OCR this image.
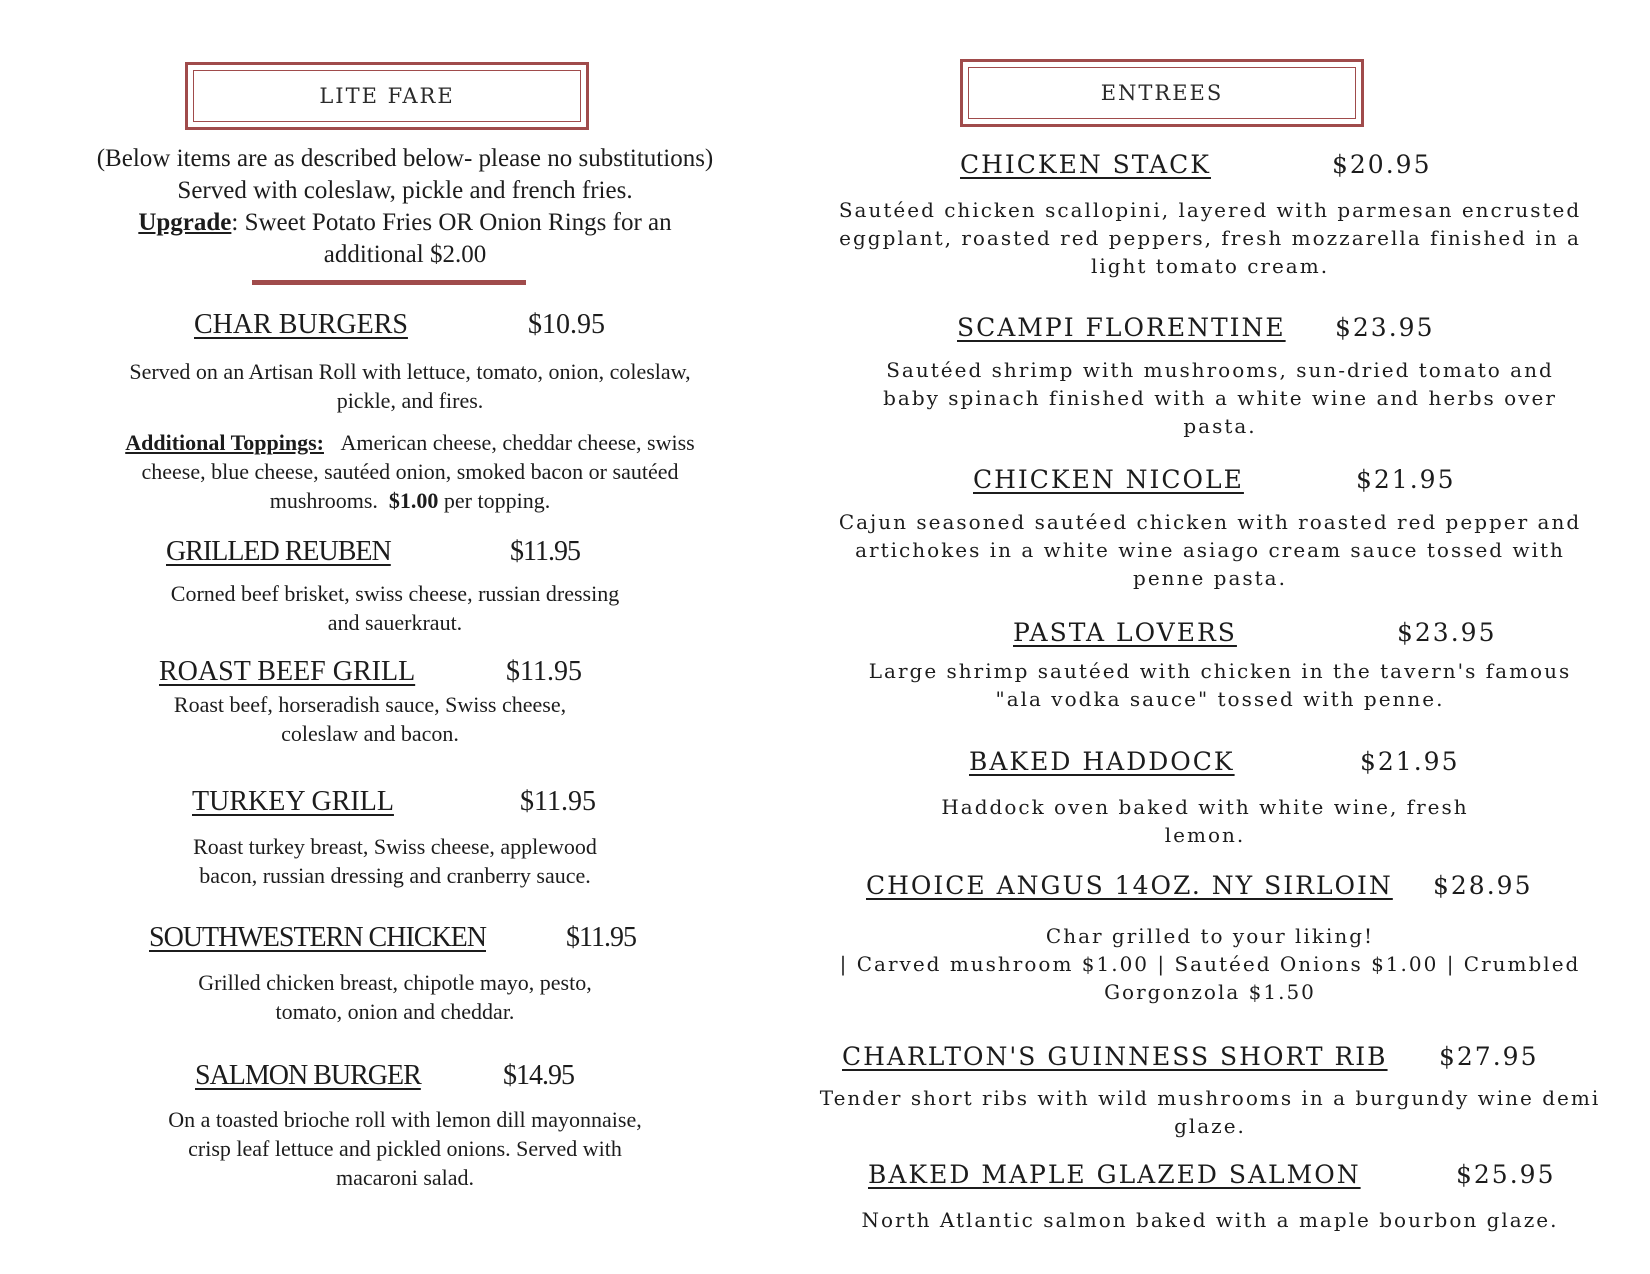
LITE FARE
(Below items are as described below- please no substitutions)
Served with coleslaw, pickle and french fries.
Upgrade: Sweet Potato Fries OR Onion Rings for an
additional $2.00
CHAR BURGERS	$10.95
Served on an Artisan Roll with lettuce, tomato, onion, coleslaw,
pickle, and fires.
Additional Toppings: American cheese, cheddar cheese, swiss
cheese, blue cheese, sautéed onion, smoked bacon or sautéed
mushrooms. $1.00 per topping.
GRILLED REUBEN	$11.95
Corned beef brisket, swiss cheese, russian dressing
and sauerkraut.
ROAST BEEF GRILL	$11.95
Roast beef, horseradish sauce, Swiss cheese,
coleslaw and bacon.
TURKEY GRILL	$11.95
Roast turkey breast, Swiss cheese, applewood
bacon, russian dressing and cranberry sauce.
SOUTHWESTERN CHICKEN	$11.95
Grilled chicken breast, chipotle mayo, pesto,
tomato, onion and cheddar.
SALMON BURGER	$14.95
On a toasted brioche roll with lemon dill mayonnaise,
crisp leaf lettuce and pickled onions. Served with
macaroni salad.
ENTREES
CHICKEN STACK	$20.95
Sautéed chicken scallopini, layered with parmesan encrusted
eggplant, roasted red peppers, fresh mozzarella finished in a
light tomato cream.
SCAMPI FLORENTINE $23.95
Sautéed shrimp with mushrooms, sun-dried tomato and
baby spinach finished with a white wine and herbs over
pasta.
CHICKEN NICOLE	$21.95
Cajun seasoned sautéed chicken with roasted red pepper and
artichokes in a white wine asiago cream sauce tossed with
penne pasta.
PASTA LOVERS	$23.95
Large shrimp sautéed with chicken in the tavern's famous
"ala vodka sauce" tossed with penne.
BAKED HADDOCK	$21.95
Haddock oven baked with white wine, fresh
lemon.
CHOICE ANGUS 14OZ. NY SIRLOIN $28.95
Char grilled to your liking!
| Carved mushroom $1.00 | Sautéed Onions $1.00 | Crumbled
Gorgonzola $1.50
CHARLTON'S GUINNESS SHORT RIB $27.95
Tender short ribs with wild mushrooms in a burgundy wine demi
glaze.
BAKED MAPLE GLAZED SALMON	$25.95
North Atlantic salmon baked with a maple bourbon glaze.
